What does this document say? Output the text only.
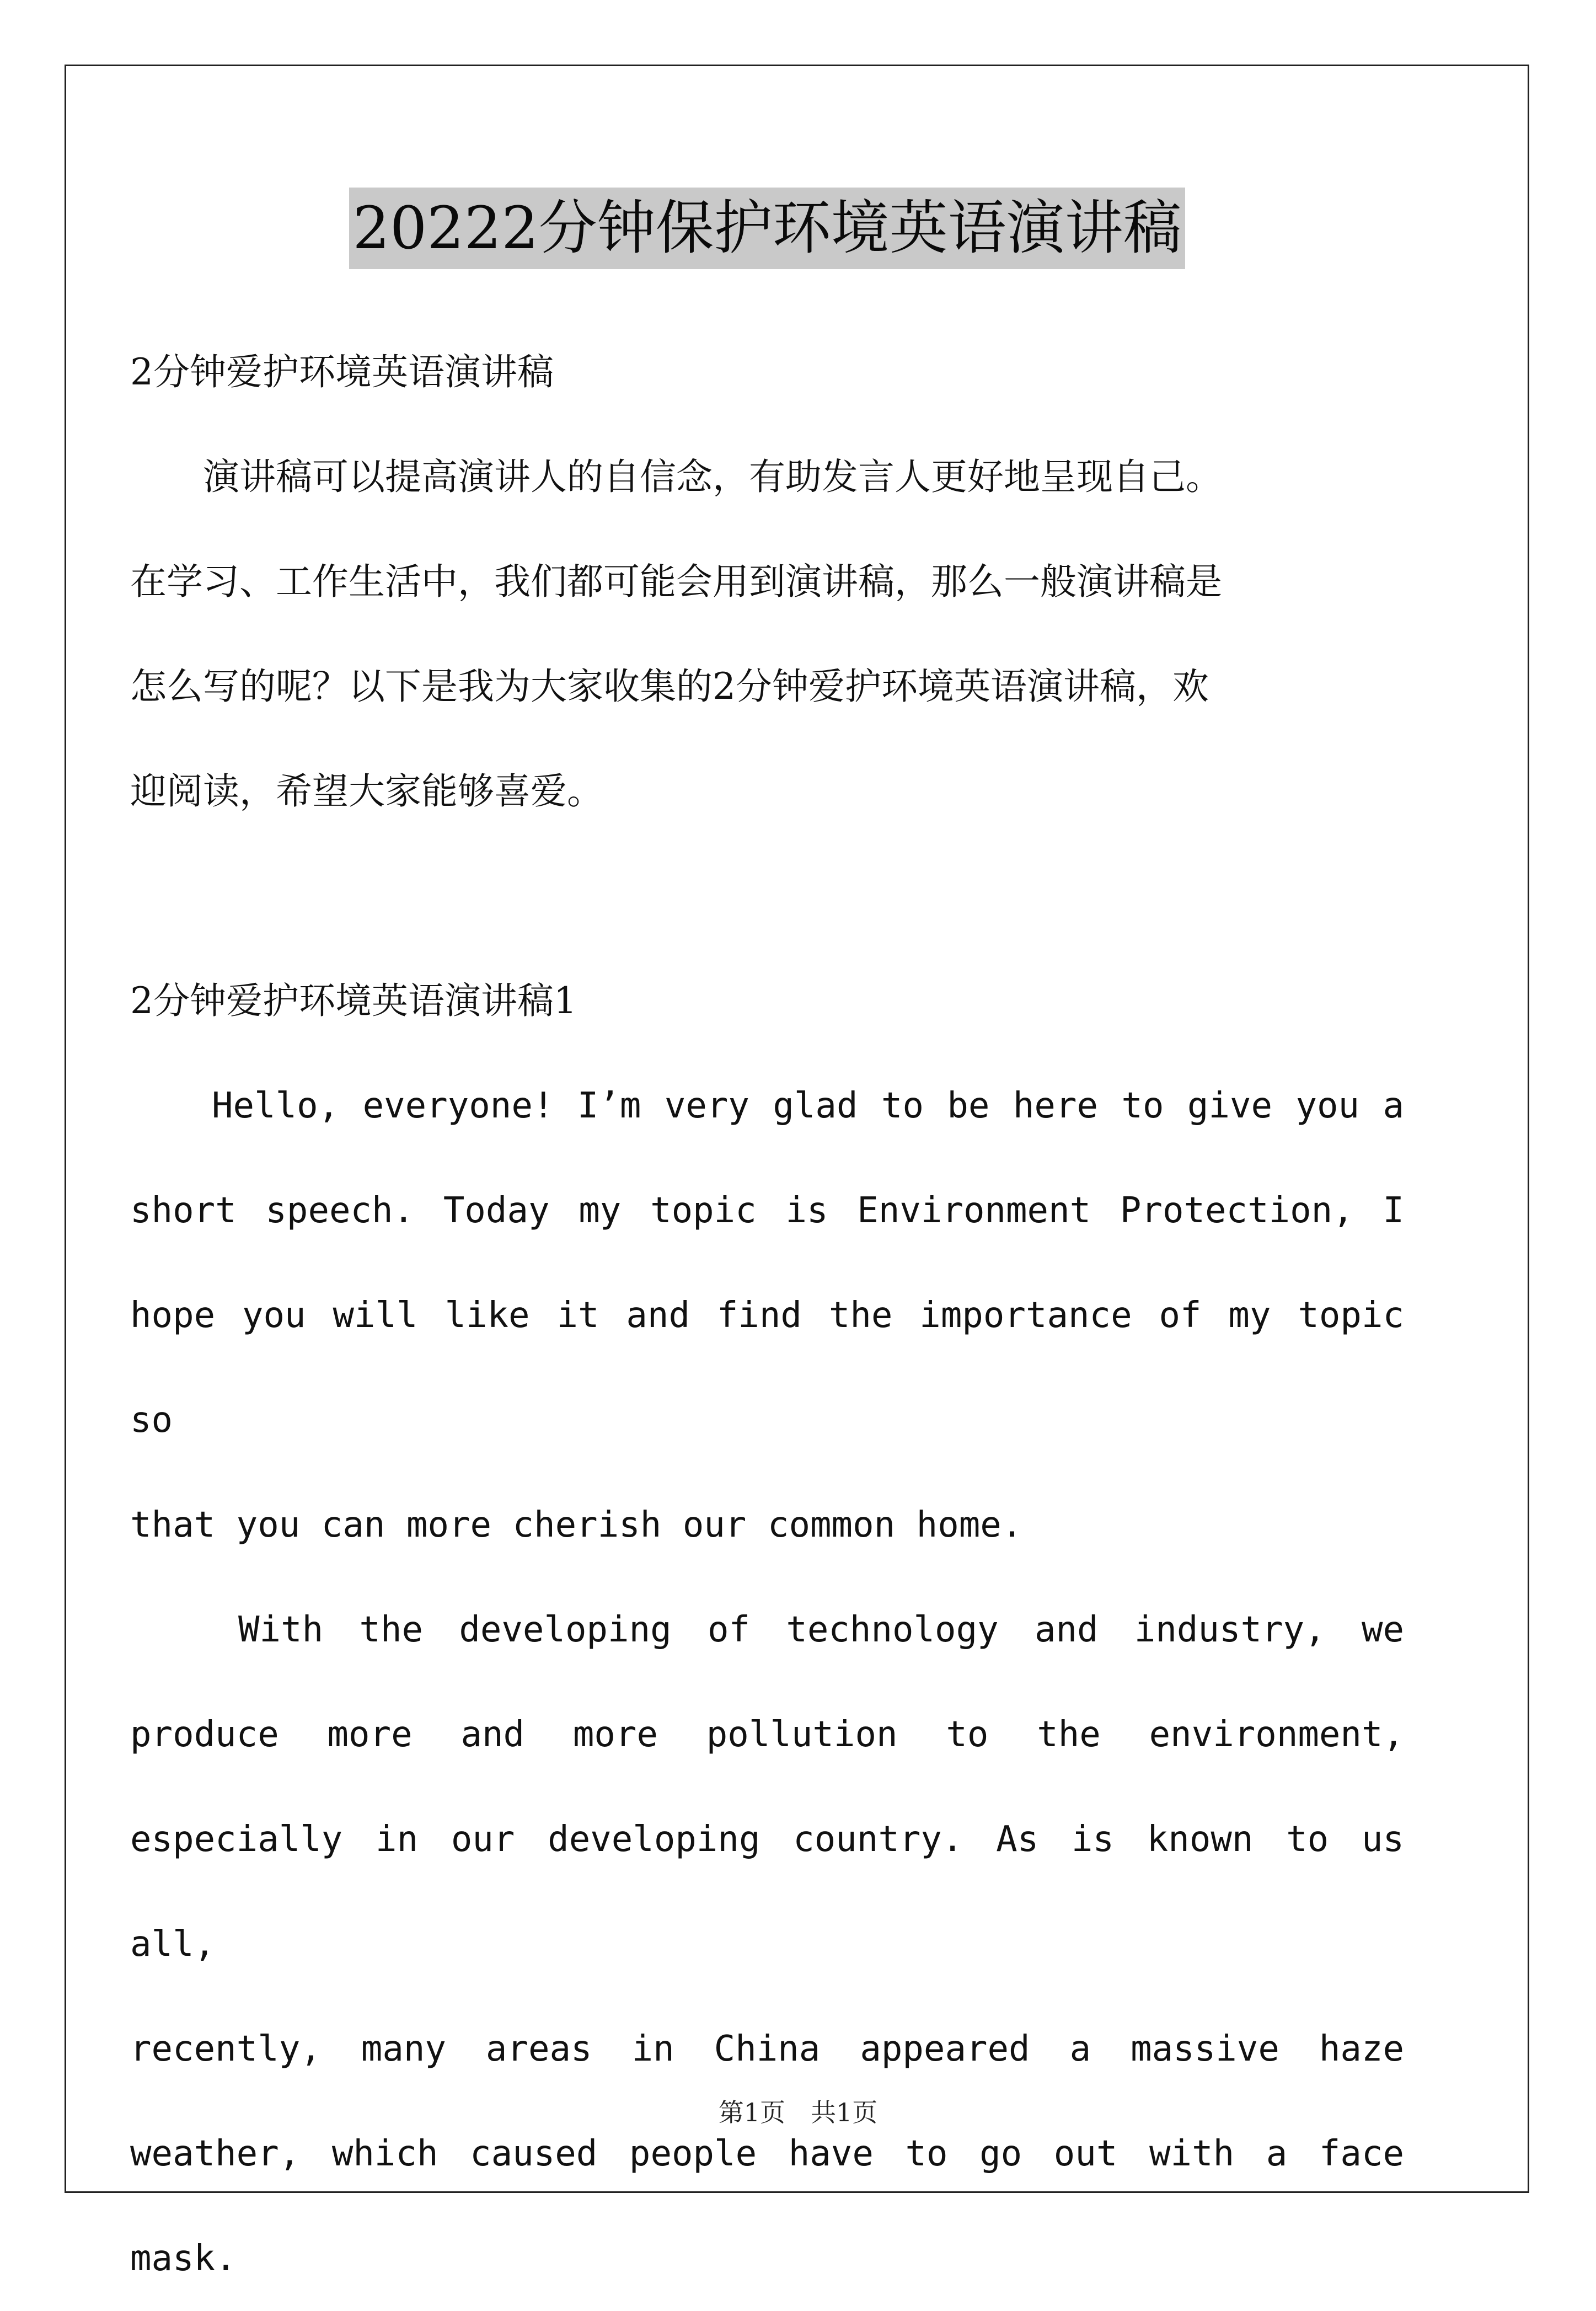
20222分钟保护环境英语演讲稿

2分钟爱护环境英语演讲稿

演讲稿可以提高演讲人的自信念，有助发言人更好地呈现自己。

在学习、工作生活中，我们都可能会用到演讲稿，那么一般演讲稿是

怎么写的呢？以下是我为大家收集的2分钟爱护环境英语演讲稿，欢

迎阅读，希望大家能够喜爱。

2分钟爱护环境英语演讲稿1

Hello, everyone! I’m very glad to be here to give you a

short speech. Today my topic is Environment Protection, I

hope you will like it and find the importance of my topic so

that you can more cherish our common home.

With the developing of technology and industry, we

produce more and more pollution to the environment,

especially in our developing country. As is known to us all,

recently, many areas in China appeared a massive haze

weather, which caused people have to go out with a face mask.

第1页 共1页
